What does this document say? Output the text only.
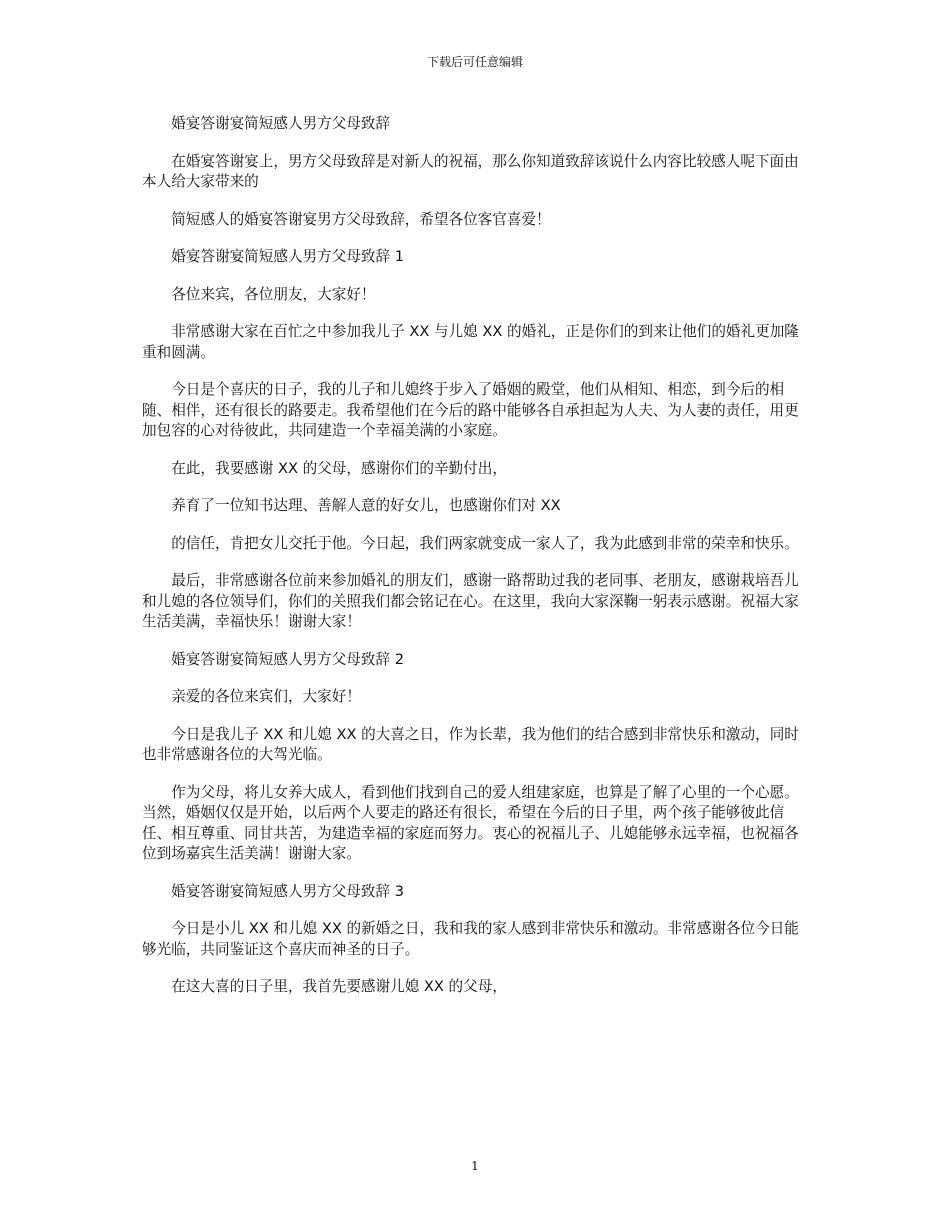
下载后可任意编辑

婚宴答谢宴简短感人男方父母致辞

在婚宴答谢宴上，男方父母致辞是对新人的祝福，那么你知道致辞该说什么内容比较感人呢下面由本人给大家带来的

简短感人的婚宴答谢宴男方父母致辞，希望各位客官喜爱！

婚宴答谢宴简短感人男方父母致辞 1

各位来宾，各位朋友，大家好！

非常感谢大家在百忙之中参加我儿子 XX 与儿媳 XX 的婚礼，正是你们的到来让他们的婚礼更加隆重和圆满。

今日是个喜庆的日子，我的儿子和儿媳终于步入了婚姻的殿堂，他们从相知、相恋，到今后的相随、相伴，还有很长的路要走。我希望他们在今后的路中能够各自承担起为人夫、为人妻的责任，用更加包容的心对待彼此，共同建造一个幸福美满的小家庭。

在此，我要感谢 XX 的父母，感谢你们的辛勤付出，

养育了一位知书达理、善解人意的好女儿，也感谢你们对 XX

的信任，肯把女儿交托于他。今日起，我们两家就变成一家人了，我为此感到非常的荣幸和快乐。

最后，非常感谢各位前来参加婚礼的朋友们，感谢一路帮助过我的老同事、老朋友，感谢栽培吾儿和儿媳的各位领导们，你们的关照我们都会铭记在心。在这里，我向大家深鞠一躬表示感谢。祝福大家生活美满，幸福快乐！谢谢大家！

婚宴答谢宴简短感人男方父母致辞 2

亲爱的各位来宾们，大家好！

今日是我儿子 XX 和儿媳 XX 的大喜之日，作为长辈，我为他们的结合感到非常快乐和激动，同时也非常感谢各位的大驾光临。

作为父母，将儿女养大成人，看到他们找到自己的爱人组建家庭，也算是了解了心里的一个心愿。当然，婚姻仅仅是开始，以后两个人要走的路还有很长，希望在今后的日子里，两个孩子能够彼此信任、相互尊重、同甘共苦，为建造幸福的家庭而努力。衷心的祝福儿子、儿媳能够永远幸福，也祝福各位到场嘉宾生活美满！谢谢大家。

婚宴答谢宴简短感人男方父母致辞 3

今日是小儿 XX 和儿媳 XX 的新婚之日，我和我的家人感到非常快乐和激动。非常感谢各位今日能够光临，共同鉴证这个喜庆而神圣的日子。

在这大喜的日子里，我首先要感谢儿媳 XX 的父母，

1
